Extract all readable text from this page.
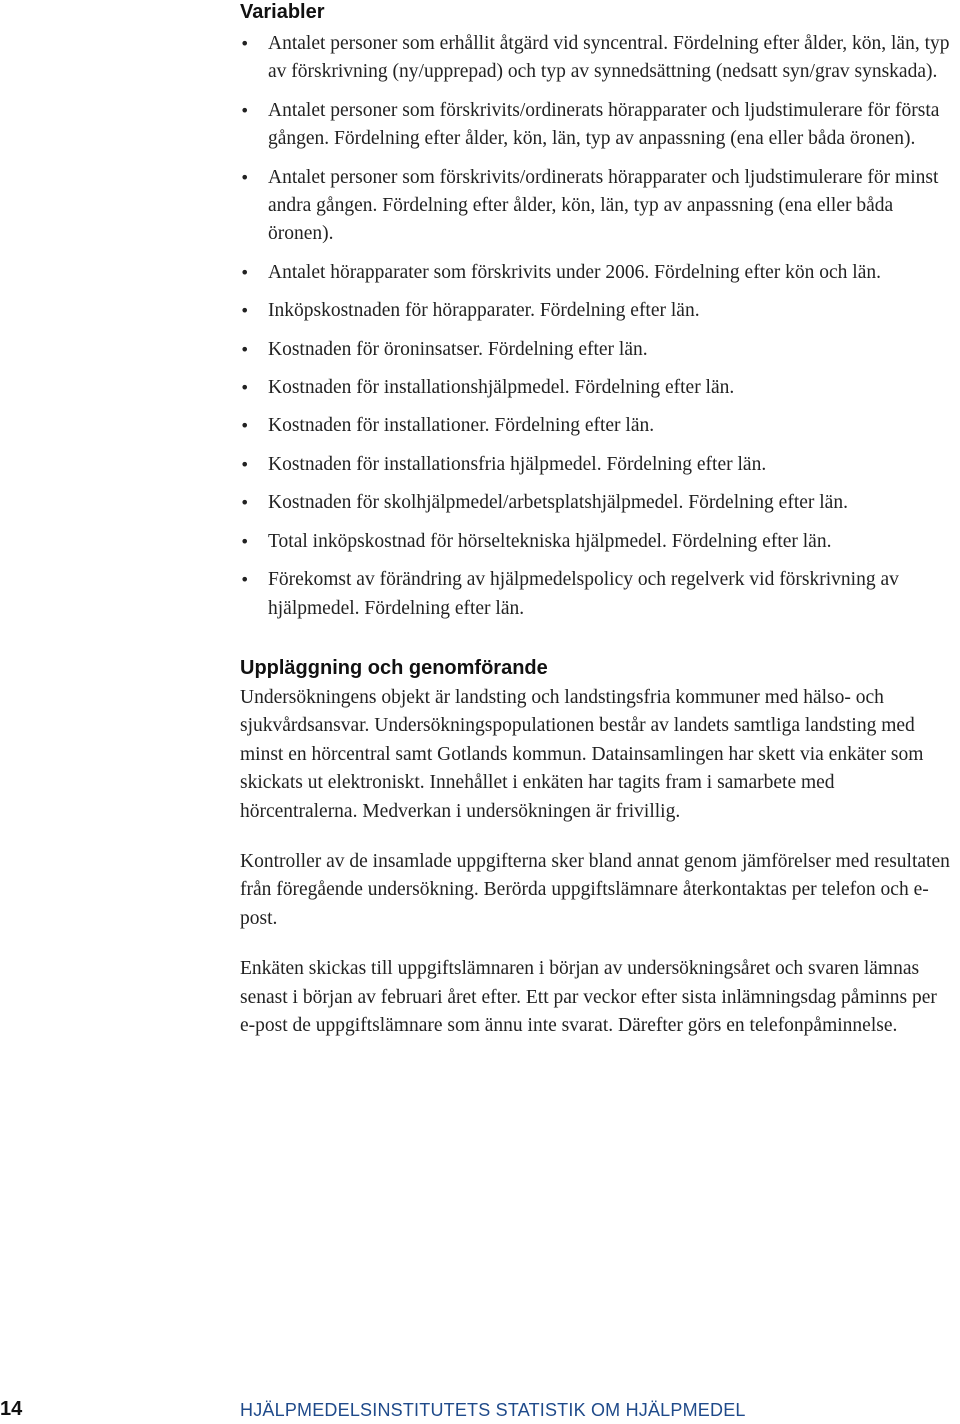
Variabler
• Antalet personer som erhållit åtgärd vid syncentral. Fördelning efter ålder, kön, län, typ av förskrivning (ny/upprepad) och typ av synnedsättning (nedsatt syn/grav synskada).
• Antalet personer som förskrivits/ordinerats hörapparater och ljudstimulerare för första gången. Fördelning efter ålder, kön, län, typ av anpassning (ena eller båda öronen).
• Antalet personer som förskrivits/ordinerats hörapparater och ljudstimulerare för minst andra gången. Fördelning efter ålder, kön, län, typ av anpassning (ena eller båda öronen).
• Antalet hörapparater som förskrivits under 2006. Fördelning efter kön och län.
• Inköpskostnaden för hörapparater. Fördelning efter län.
• Kostnaden för öroninsatser. Fördelning efter län.
• Kostnaden för installationshjälpmedel. Fördelning efter län.
• Kostnaden för installationer. Fördelning efter län.
• Kostnaden för installationsfria hjälpmedel. Fördelning efter län.
• Kostnaden för skolhjälpmedel/arbetsplatshjälpmedel. Fördelning efter län.
• Total inköpskostnad för hörseltekniska hjälpmedel. Fördelning efter län.
• Förekomst av förändring av hjälpmedelspolicy och regelverk vid förskrivning av hjälpmedel. Fördelning efter län.
Uppläggning och genomförande

Undersökningens objekt är landsting och landstingsfria kommuner med hälso- och sjukvårdsansvar. Undersökningspopulationen består av landets samtliga landsting med minst en hörcentral samt Gotlands kommun. Datainsamlingen har skett via enkäter som skickats ut elektroniskt. Innehållet i enkäten har tagits fram i samarbete med hörcentralerna. Medverkan i undersökningen är frivillig.

Kontroller av de insamlade uppgifterna sker bland annat genom jämförelser med resultaten från föregående undersökning. Berörda uppgiftslämnare återkontaktas per telefon och e-post.

Enkäten skickas till uppgiftslämnaren i början av undersökningsåret och svaren lämnas senast i början av februari året efter. Ett par veckor efter sista inlämningsdag påminns per e-post de uppgiftslämnare som ännu inte svarat. Därefter görs en telefonpåminnelse.

14	HJÄLPMEDELSINSTITUTETS STATISTIK OM HJÄLPMEDEL
